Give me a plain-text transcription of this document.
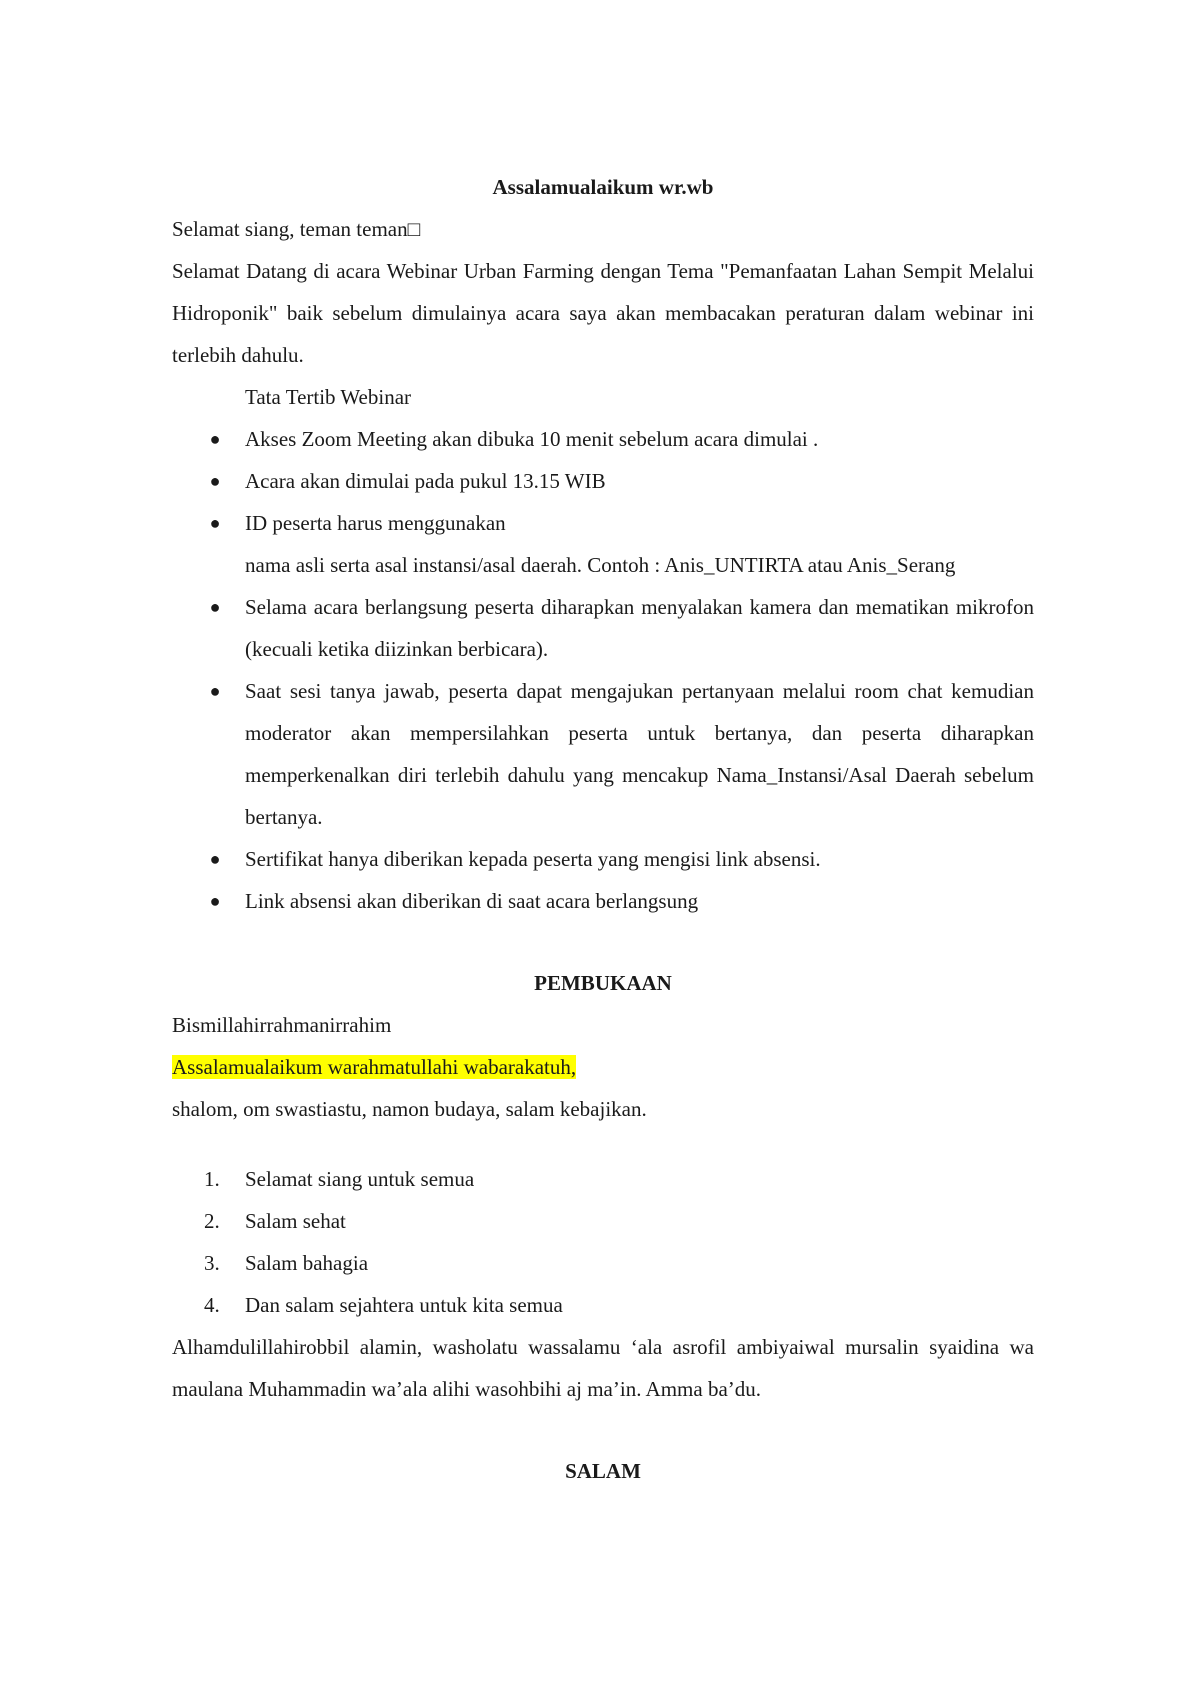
Assalamualaikum wr.wb

Selamat siang, teman teman□

Selamat Datang di acara Webinar Urban Farming dengan Tema "Pemanfaatan Lahan Sempit Melalui Hidroponik" baik sebelum dimulainya acara saya akan membacakan peraturan dalam webinar ini terlebih dahulu.

Tata Tertib Webinar

● Akses Zoom Meeting akan dibuka 10 menit sebelum acara dimulai .
● Acara akan dimulai pada pukul 13.15 WIB
● ID peserta harus menggunakan
nama asli serta asal instansi/asal daerah. Contoh : Anis_UNTIRTA atau Anis_Serang
● Selama acara berlangsung peserta diharapkan menyalakan kamera dan mematikan mikrofon (kecuali ketika diizinkan berbicara).
● Saat sesi tanya jawab, peserta dapat mengajukan pertanyaan melalui room chat kemudian moderator akan mempersilahkan peserta untuk bertanya, dan peserta diharapkan memperkenalkan diri terlebih dahulu yang mencakup Nama_Instansi/Asal Daerah sebelum bertanya.
● Sertifikat hanya diberikan kepada peserta yang mengisi link absensi.
● Link absensi akan diberikan di saat acara berlangsung

PEMBUKAAN

Bismillahirrahmanirrahim

Assalamualaikum warahmatullahi wabarakatuh,

shalom, om swastiastu, namon budaya, salam kebajikan.

1.	Selamat siang untuk semua
2.	Salam sehat
3.	Salam bahagia
4.	Dan salam sejahtera untuk kita semua

Alhamdulillahirobbil alamin, washolatu wassalamu ‘ala asrofil ambiyaiwal mursalin syaidina wa maulana Muhammadin wa’ala alihi wasohbihi aj ma’in. Amma ba’du.

SALAM
